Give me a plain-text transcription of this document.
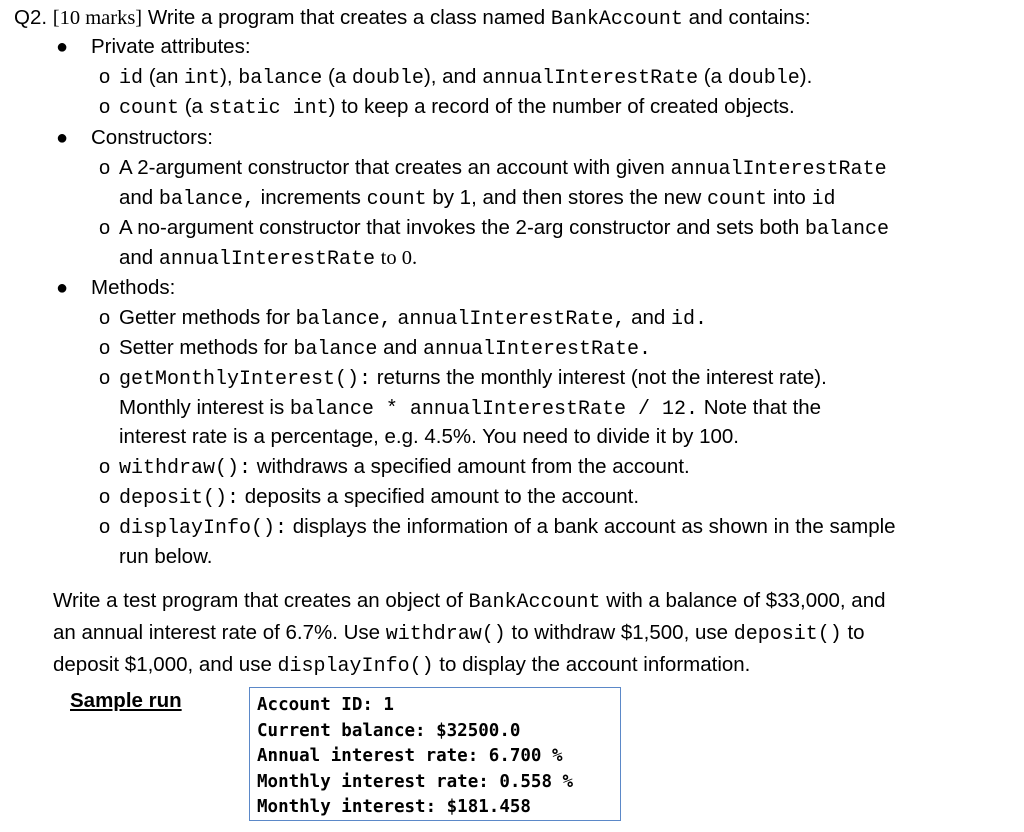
Q2. [10 marks] Write a program that creates a class named BankAccount and contains:
● Private attributes:
o id (an int), balance (a double), and annualInterestRate (a double).
o count (a static int) to keep a record of the number of created objects.
● Constructors:
o A 2-argument constructor that creates an account with given annualInterestRate
and balance, increments count by 1, and then stores the new count into id
o A no-argument constructor that invokes the 2-arg constructor and sets both balance
and annualInterestRate to 0.
● Methods:
o Getter methods for balance, annualInterestRate, and id.
o Setter methods for balance and annualInterestRate.
o getMonthlyInterest(): returns the monthly interest (not the interest rate).
Monthly interest is balance * annualInterestRate / 12. Note that the
interest rate is a percentage, e.g. 4.5%. You need to divide it by 100.
o withdraw(): withdraws a specified amount from the account.
o deposit(): deposits a specified amount to the account.
o displayInfo(): displays the information of a bank account as shown in the sample
run below.
Write a test program that creates an object of BankAccount with a balance of $33,000, and
an annual interest rate of 6.7%. Use withdraw() to withdraw $1,500, use deposit() to
deposit $1,000, and use displayInfo() to display the account information.
Sample run	Account ID: 1
Current balance: $32500.0
Annual interest rate: 6.700 %
Monthly interest rate: 0.558 %
Monthly interest: $181.458
